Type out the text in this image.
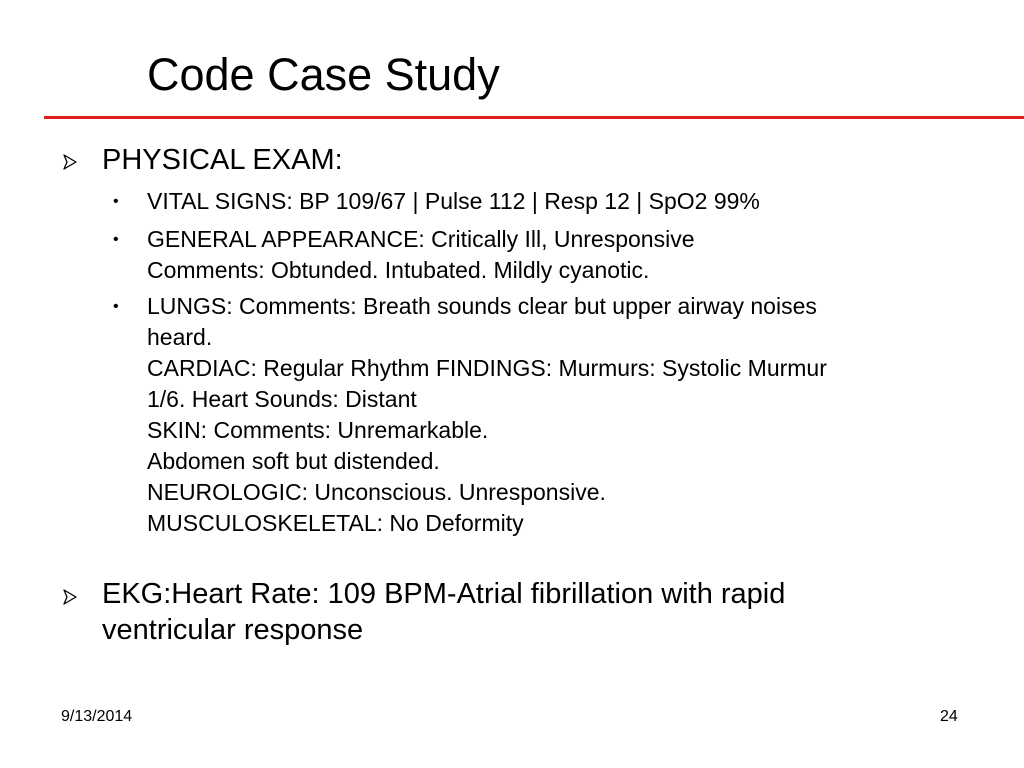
Code Case Study

PHYSICAL EXAM:

• VITAL SIGNS: BP 109/67 | Pulse 112 | Resp 12 | SpO2 99%
• GENERAL APPEARANCE: Critically Ill, Unresponsive
Comments: Obtunded. Intubated. Mildly cyanotic.
• LUNGS: Comments: Breath sounds clear but upper airway noises
heard.
CARDIAC: Regular Rhythm FINDINGS: Murmurs: Systolic Murmur
1/6. Heart Sounds: Distant
SKIN: Comments: Unremarkable.
Abdomen soft but distended.
NEUROLOGIC: Unconscious. Unresponsive.
MUSCULOSKELETAL: No Deformity
EKG:Heart Rate: 109 BPM-Atrial fibrillation with rapid
ventricular response
9/13/2014	24
